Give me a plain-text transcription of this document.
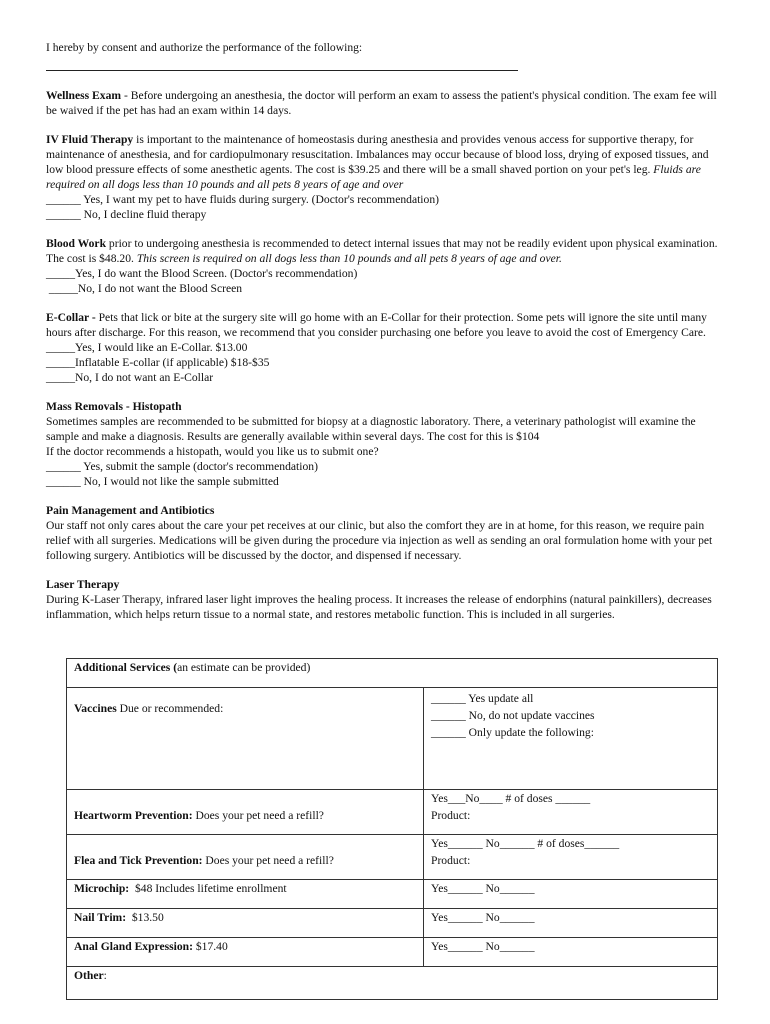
I hereby by consent and authorize the performance of the following:

Wellness Exam - Before undergoing an anesthesia, the doctor will perform an exam to assess the patient's physical condition. The exam fee will be waived if the pet has had an exam within 14 days.

IV Fluid Therapy is important to the maintenance of homeostasis during anesthesia and provides venous access for supportive therapy, for maintenance of anesthesia, and for cardiopulmonary resuscitation. Imbalances may occur because of blood loss, drying of exposed tissues, and low blood pressure effects of some anesthetic agents. The cost is $39.25 and there will be a small shaved portion on your pet's leg. Fluids are required on all dogs less than 10 pounds and all pets 8 years of age and over

______ Yes, I want my pet to have fluids during surgery. (Doctor's recommendation)

______ No, I decline fluid therapy

Blood Work prior to undergoing anesthesia is recommended to detect internal issues that may not be readily evident upon physical examination. The cost is $48.20. This screen is required on all dogs less than 10 pounds and all pets 8 years of age and over.

_____Yes, I do want the Blood Screen. (Doctor's recommendation)

_____No, I do not want the Blood Screen

E-Collar - Pets that lick or bite at the surgery site will go home with an E-Collar for their protection. Some pets will ignore the site until many hours after discharge. For this reason, we recommend that you consider purchasing one before you leave to avoid the cost of Emergency Care.

_____Yes, I would like an E-Collar. $13.00

_____Inflatable E-collar (if applicable) $18-$35

_____No, I do not want an E-Collar

Mass Removals - Histopath

Sometimes samples are recommended to be submitted for biopsy at a diagnostic laboratory. There, a veterinary pathologist will examine the sample and make a diagnosis. Results are generally available within several days. The cost for this is $104

If the doctor recommends a histopath, would you like us to submit one?

______ Yes, submit the sample (doctor's recommendation)

______ No, I would not like the sample submitted

Pain Management and Antibiotics

Our staff not only cares about the care your pet receives at our clinic, but also the comfort they are in at home, for this reason, we require pain relief with all surgeries. Medications will be given during the procedure via injection as well as sending an oral formulation home with your pet following surgery. Antibiotics will be discussed by the doctor, and dispensed if necessary.

Laser Therapy

During K-Laser Therapy, infrared laser light improves the healing process. It increases the release of endorphins (natural painkillers), decreases inflammation, which helps return tissue to a normal state, and restores metabolic function. This is included in all surgeries.

Additional Services (an estimate can be provided)	
Vaccines Due or recommended:	______ Yes update all
______ No, do not update vaccines
______ Only update the following:

Heartworm Prevention: Does your pet need a refill?	Yes___No____ # of doses ______
Product:

Flea and Tick Prevention: Does your pet need a refill?	Yes______ No______ # of doses______
Product:

Microchip:  $48 Includes lifetime enrollment	Yes______ No______
Nail Trim:  $13.50	Yes______ No______
Anal Gland Expression: $17.40	Yes______ No______
Other:	
